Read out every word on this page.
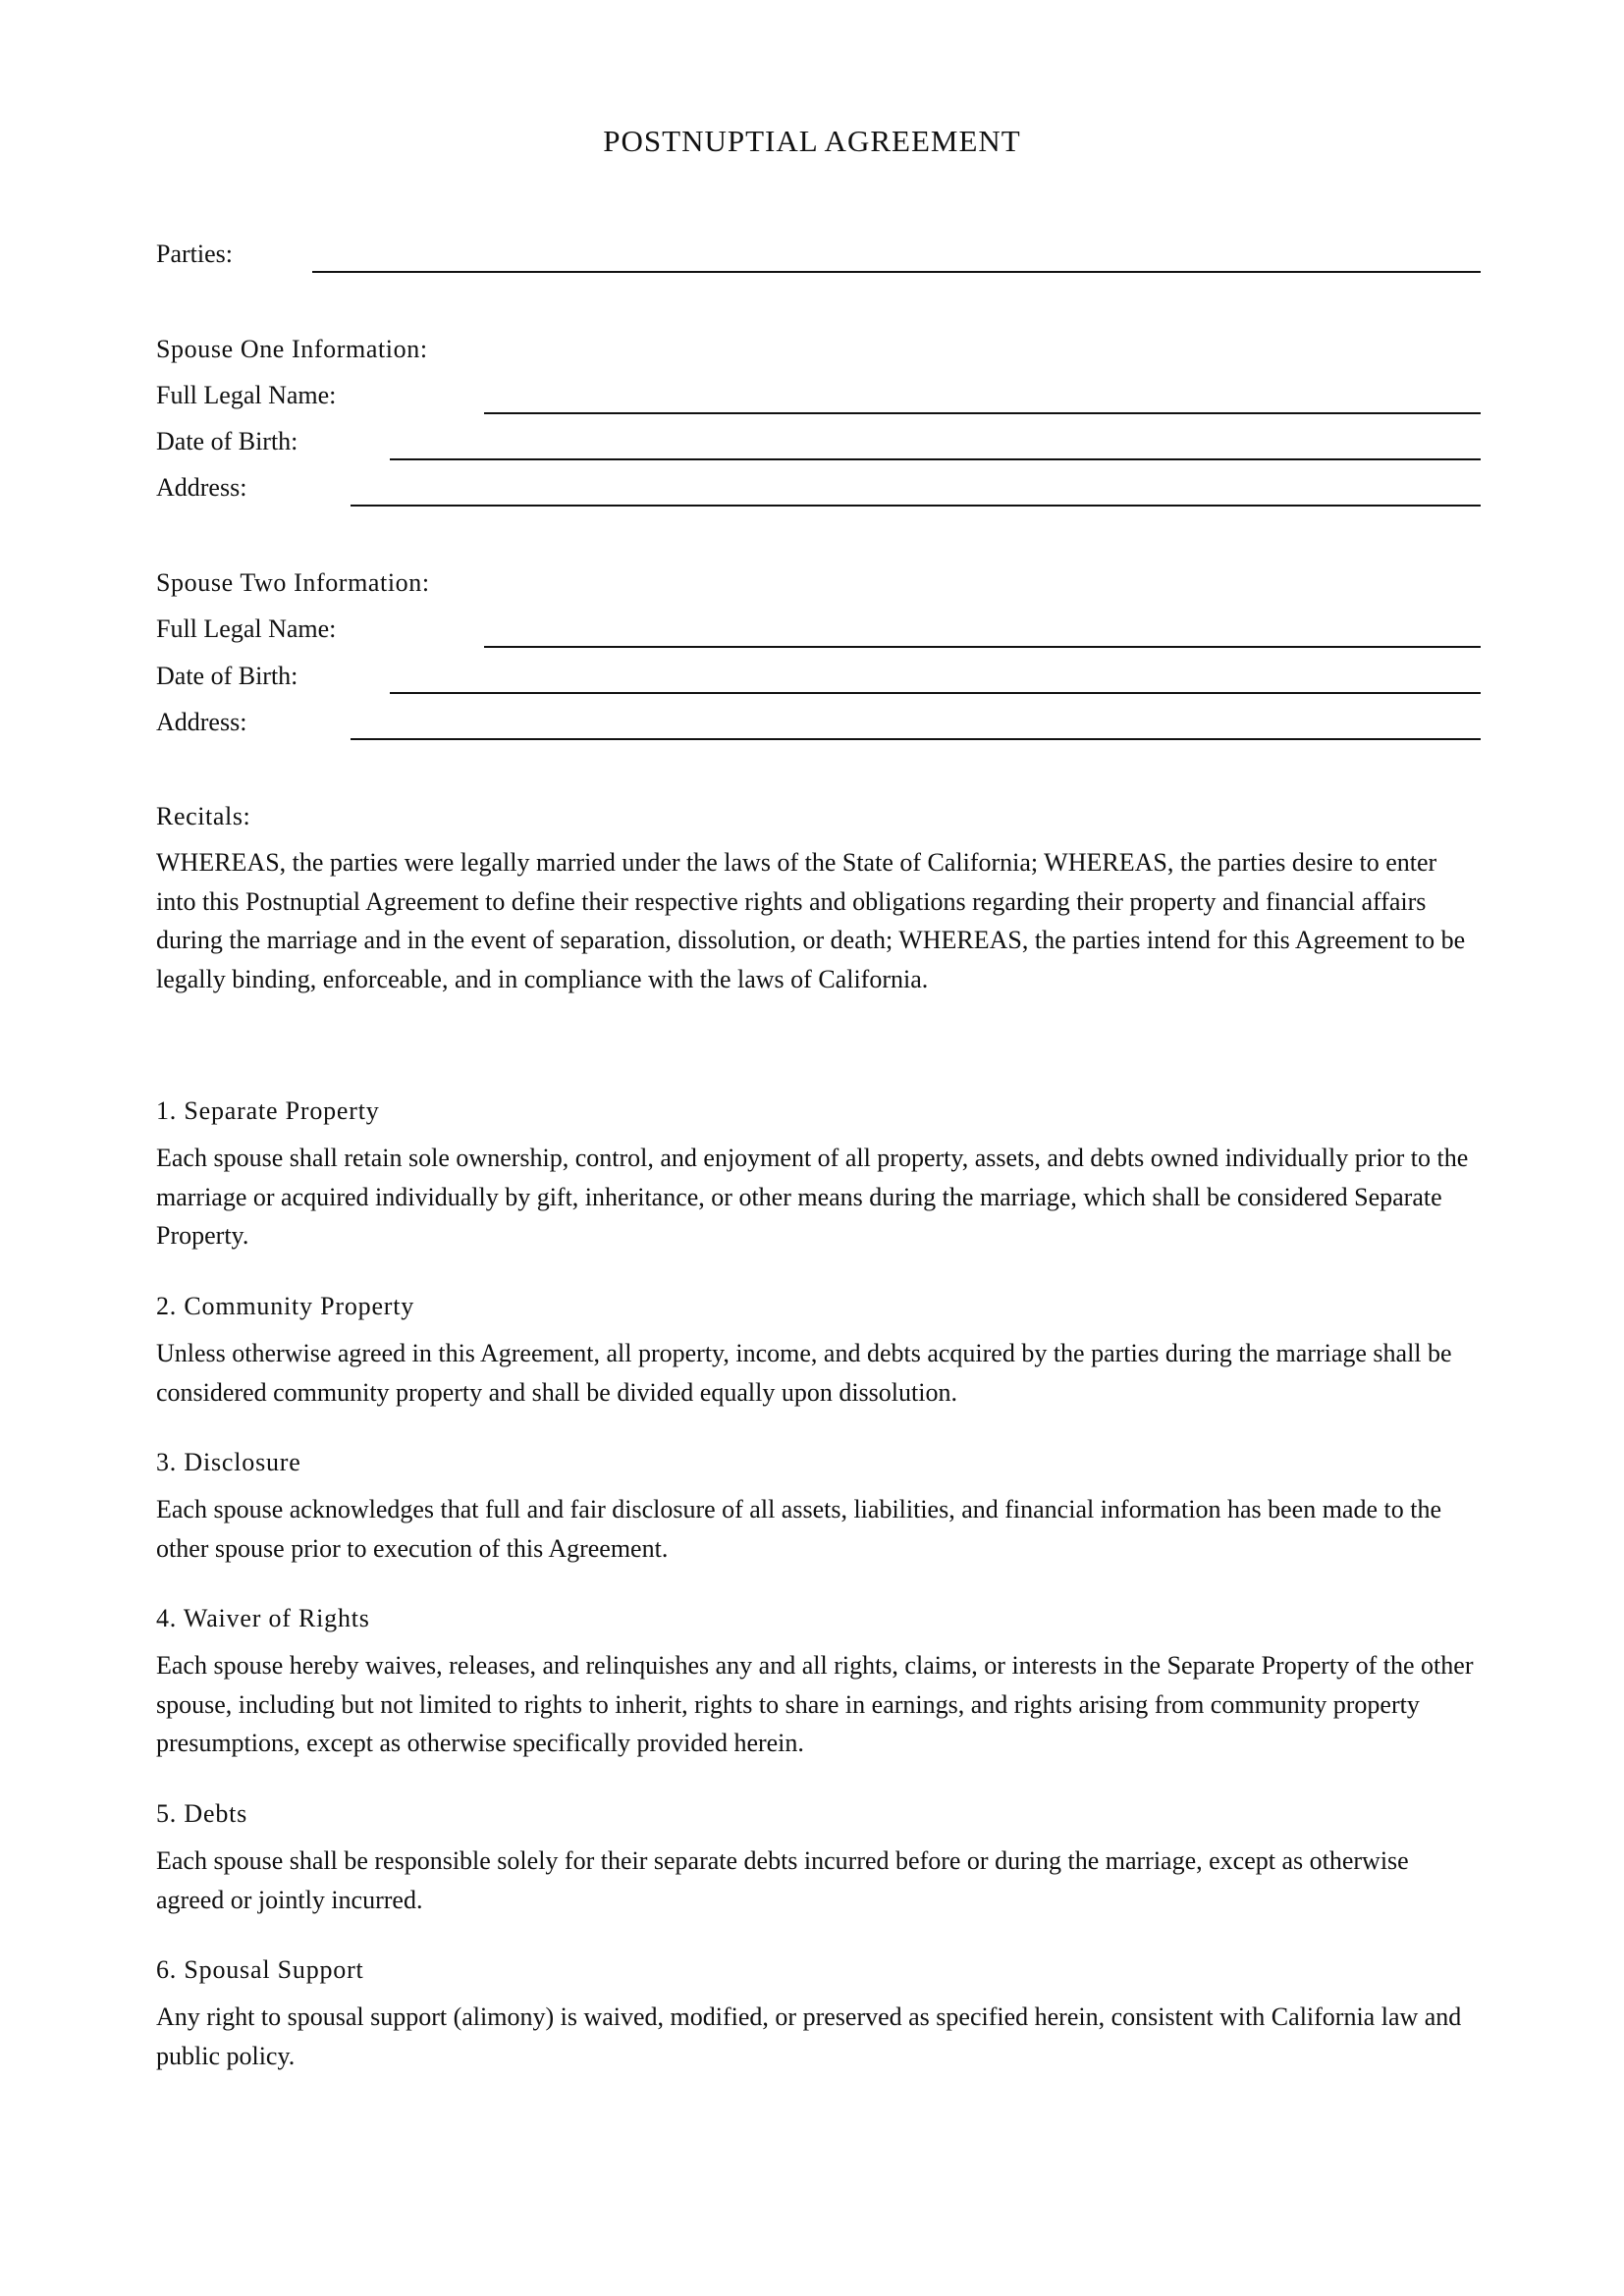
POSTNUPTIAL AGREEMENT
Parties:
Spouse One Information:
Full Legal Name:
Date of Birth:
Address:
Spouse Two Information:
Full Legal Name:
Date of Birth:
Address:
Recitals:

WHEREAS, the parties were legally married under the laws of the State of California; WHEREAS, the parties desire to enter into this Postnuptial Agreement to define their respective rights and obligations regarding their property and financial affairs during the marriage and in the event of separation, dissolution, or death; WHEREAS, the parties intend for this Agreement to be legally binding, enforceable, and in compliance with the laws of California.

1. Separate Property

Each spouse shall retain sole ownership, control, and enjoyment of all property, assets, and debts owned individually prior to the marriage or acquired individually by gift, inheritance, or other means during the marriage, which shall be considered Separate Property.

2. Community Property

Unless otherwise agreed in this Agreement, all property, income, and debts acquired by the parties during the marriage shall be considered community property and shall be divided equally upon dissolution.

3. Disclosure

Each spouse acknowledges that full and fair disclosure of all assets, liabilities, and financial information has been made to the other spouse prior to execution of this Agreement.

4. Waiver of Rights

Each spouse hereby waives, releases, and relinquishes any and all rights, claims, or interests in the Separate Property of the other spouse, including but not limited to rights to inherit, rights to share in earnings, and rights arising from community property presumptions, except as otherwise specifically provided herein.

5. Debts

Each spouse shall be responsible solely for their separate debts incurred before or during the marriage, except as otherwise agreed or jointly incurred.

6. Spousal Support

Any right to spousal support (alimony) is waived, modified, or preserved as specified herein, consistent with California law and public policy.
